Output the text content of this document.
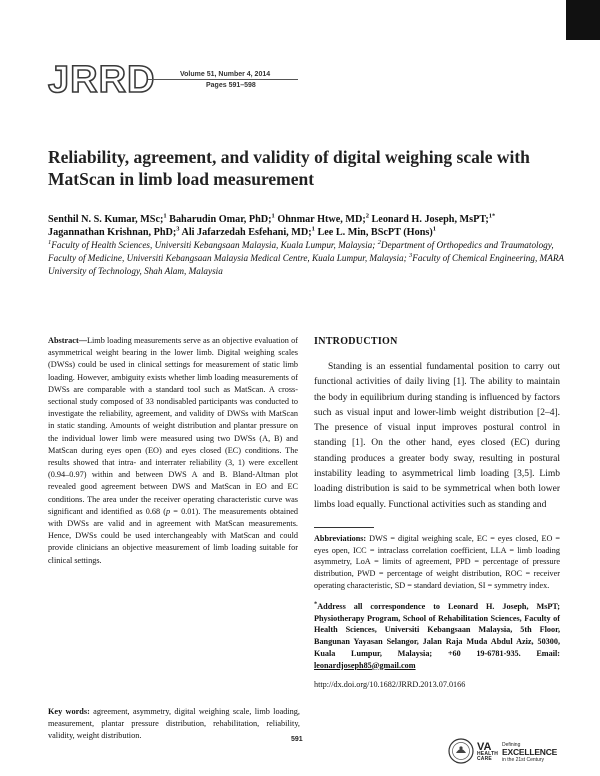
JRRD	Volume 51, Number 4, 2014
Pages 591–598
Reliability, agreement, and validity of digital weighing scale with MatScan in limb load measurement
Senthil N. S. Kumar, MSc;$^1$ Baharudin Omar, PhD;$^1$ Ohnmar Htwe, MD;$^2$ Leonard H. Joseph, MsPT;$^{1*}$
Jagannathan Krishnan, PhD;$^3$ Ali Jafarzedah Esfehani, MD;$^1$ Lee L. Min, BScPT (Hons)$^1$
$^1$Faculty of Health Sciences, Universiti Kebangsaan Malaysia, Kuala Lumpur, Malaysia; $^2$Department of Orthopedics and Traumatology, Faculty of Medicine, Universiti Kebangsaan Malaysia Medical Centre, Kuala Lumpur, Malaysia; $^3$Faculty of Chemical Engineering, MARA University of Technology, Shah Alam, Malaysia
Abstract—Limb loading measurements serve as an objective evaluation of asymmetrical weight bearing in the lower limb. Digital weighing scales (DWSs) could be used in clinical settings for measurement of static limb loading. However, ambiguity exists whether limb loading measurements of DWSs are comparable with a standard tool such as MatScan. A cross-sectional study composed of 33 nondisabled participants was conducted to investigate the reliability, agreement, and validity of DWSs with MatScan in static standing. Amounts of weight distribution and plantar pressure on the individual lower limb were measured using two DWSs (A, B) and MatScan during eyes open (EO) and eyes closed (EC) conditions. The results showed that intra- and interrater reliability (3, 1) were excellent (0.94–0.97) within and between DWS A and B. Bland-Altman plot revealed good agreement between DWS and MatScan in EO and EC conditions. The area under the receiver operating characteristic curve was significant and identified as 0.68 (p = 0.01). The measurements obtained with DWSs are valid and in agreement with MatScan measurements. Hence, DWSs could be used interchangeably with MatScan and could provide clinicians an objective measurement of limb loading suitable for clinical settings.
Key words: agreement, asymmetry, digital weighing scale, limb loading, measurement, plantar pressure distribution, rehabilitation, reliability, validity, weight distribution.
INTRODUCTION
Standing is an essential fundamental position to carry out functional activities of daily living [1]. The ability to maintain the body in equilibrium during standing is influenced by factors such as visual input and lower-limb weight distribution [2–4]. The presence of visual input improves postural control in standing [1]. On the other hand, eyes closed (EC) during standing produces a greater body sway, resulting in postural instability leading to asymmetrical limb loading [3,5]. Limb loading distribution is said to be symmetrical when both lower limbs load equally. Functional activities such as standing and
Abbreviations: DWS = digital weighing scale, EC = eyes closed, EO = eyes open, ICC = intraclass correlation coefficient, LLA = limb loading asymmetry, LoA = limits of agreement, PPD = percentage of pressure distribution, PWD = percentage of weight distribution, ROC = receiver operating characteristic, SD = standard deviation, SI = symmetry index.
*Address all correspondence to Leonard H. Joseph, MsPT; Physiotherapy Program, School of Rehabilitation Sciences, Faculty of Health Sciences, Universiti Kebangsaan Malaysia, 5th Floor, Bangunan Yayasan Selangor, Jalan Raja Muda Abdul Aziz, 50300, Kuala Lumpur, Malaysia; +60 19-6781-935. Email: leonardjoseph85@gmail.com
http://dx.doi.org/10.1682/JRRD.2013.07.0166
591
VA
HEALTH
CARE
Defining
EXCELLENCE
in the 21st Century
